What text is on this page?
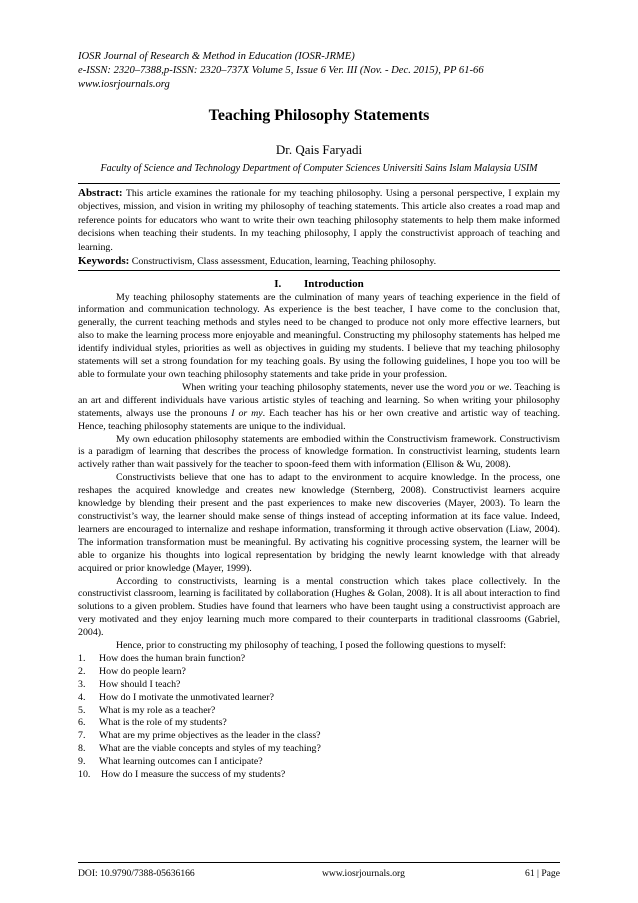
IOSR Journal of Research & Method in Education (IOSR-JRME)
e-ISSN: 2320–7388,p-ISSN: 2320–737X Volume 5, Issue 6 Ver. III (Nov. - Dec. 2015), PP 61-66
www.iosrjournals.org
Teaching Philosophy Statements
Dr. Qais Faryadi
Faculty of Science and Technology Department of Computer Sciences Universiti Sains Islam Malaysia USIM
Abstract: This article examines the rationale for my teaching philosophy. Using a personal perspective, I explain my objectives, mission, and vision in writing my philosophy of teaching statements. This article also creates a road map and reference points for educators who want to write their own teaching philosophy statements to help them make informed decisions when teaching their students. In my teaching philosophy, I apply the constructivist approach of teaching and learning.
Keywords: Constructivism, Class assessment, Education, learning, Teaching philosophy.
I. Introduction

My teaching philosophy statements are the culmination of many years of teaching experience in the field of information and communication technology. As experience is the best teacher, I have come to the conclusion that, generally, the current teaching methods and styles need to be changed to produce not only more effective learners, but also to make the learning process more enjoyable and meaningful. Constructing my philosophy statements has helped me identify individual styles, priorities as well as objectives in guiding my students. I believe that my teaching philosophy statements will set a strong foundation for my teaching goals. By using the following guidelines, I hope you too will be able to formulate your own teaching philosophy statements and take pride in your profession.

When writing your teaching philosophy statements, never use the word you or we. Teaching is an art and different individuals have various artistic styles of teaching and learning. So when writing your philosophy statements, always use the pronouns I or my. Each teacher has his or her own creative and artistic way of teaching. Hence, teaching philosophy statements are unique to the individual.

My own education philosophy statements are embodied within the Constructivism framework. Constructivism is a paradigm of learning that describes the process of knowledge formation. In constructivist learning, students learn actively rather than wait passively for the teacher to spoon-feed them with information (Ellison & Wu, 2008).

Constructivists believe that one has to adapt to the environment to acquire knowledge. In the process, one reshapes the acquired knowledge and creates new knowledge (Sternberg, 2008). Constructivist learners acquire knowledge by blending their present and the past experiences to make new discoveries (Mayer, 2003). To learn the constructivist’s way, the learner should make sense of things instead of accepting information at its face value. Indeed, learners are encouraged to internalize and reshape information, transforming it through active observation (Liaw, 2004). The information transformation must be meaningful. By activating his cognitive processing system, the learner will be able to organize his thoughts into logical representation by bridging the newly learnt knowledge with that already acquired or prior knowledge (Mayer, 1999).

According to constructivists, learning is a mental construction which takes place collectively. In the constructivist classroom, learning is facilitated by collaboration (Hughes & Golan, 2008). It is all about interaction to find solutions to a given problem. Studies have found that learners who have been taught using a constructivist approach are very motivated and they enjoy learning much more compared to their counterparts in traditional classrooms (Gabriel, 2004).

Hence, prior to constructing my philosophy of teaching, I posed the following questions to myself:

1.	How does the human brain function?
2.	How do people learn?
3.	How should I teach?
4.	How do I motivate the unmotivated learner?
5.	What is my role as a teacher?
6.	What is the role of my students?
7.	What are my prime objectives as the leader in the class?
8.	What are the viable concepts and styles of my teaching?
9.	What learning outcomes can I anticipate?
10. How do I measure the success of my students?
DOI: 10.9790/7388-05636166	www.iosrjournals.org	61 | Page
